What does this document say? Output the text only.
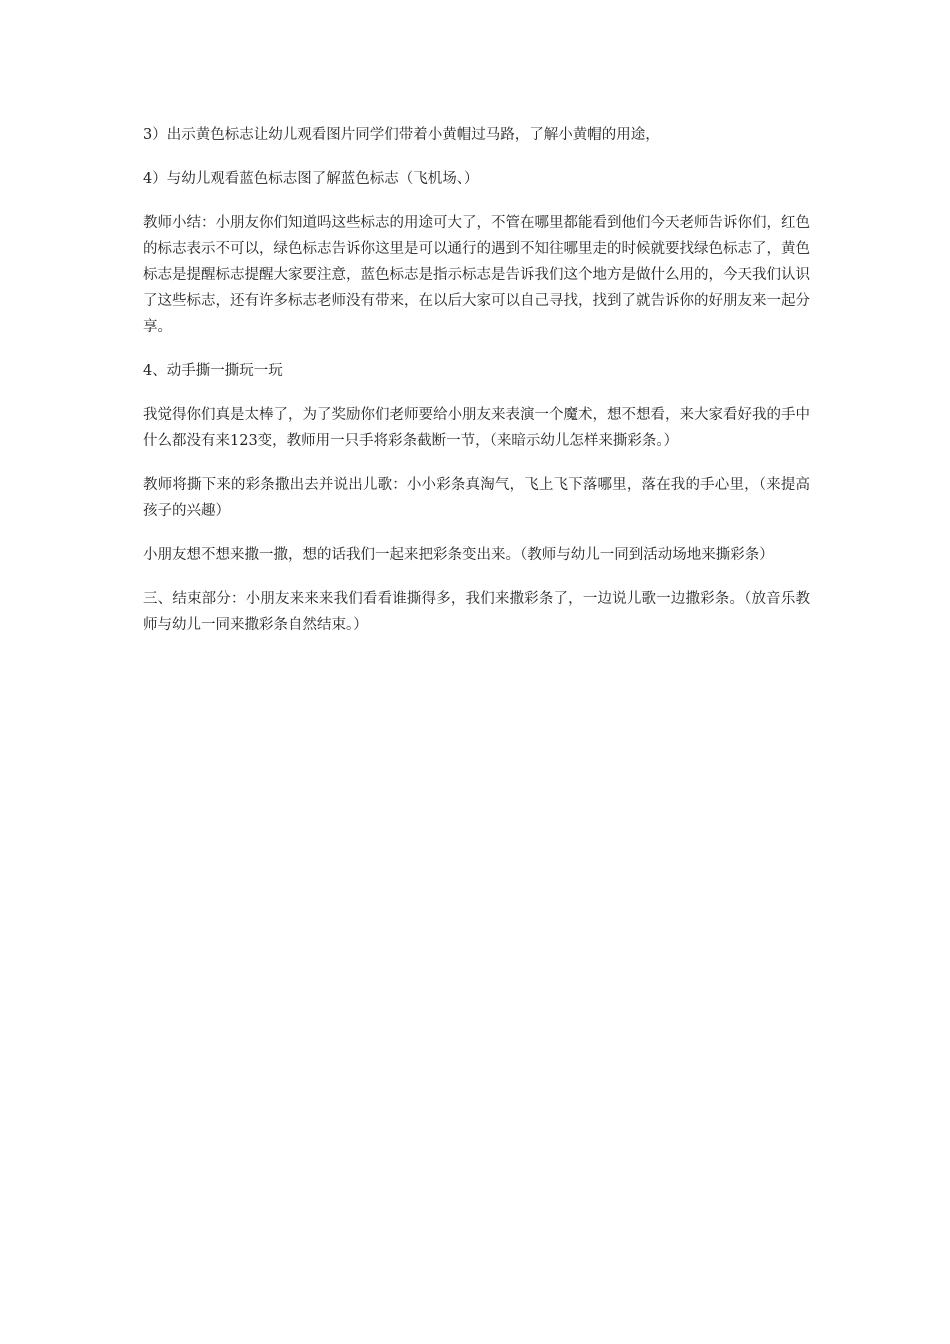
3）出示黄色标志让幼儿观看图片同学们带着小黄帽过马路，了解小黄帽的用途，

4）与幼儿观看蓝色标志图了解蓝色标志（飞机场、）

教师小结：小朋友你们知道吗这些标志的用途可大了，不管在哪里都能看到他们今天老师告诉你们，红色的标志表示不可以，绿色标志告诉你这里是可以通行的遇到不知往哪里走的时候就要找绿色标志了，黄色标志是提醒标志提醒大家要注意，蓝色标志是指示标志是告诉我们这个地方是做什么用的，今天我们认识了这些标志，还有许多标志老师没有带来，在以后大家可以自己寻找，找到了就告诉你的好朋友来一起分享。

4、动手撕一撕玩一玩

我觉得你们真是太棒了，为了奖励你们老师要给小朋友来表演一个魔术，想不想看，来大家看好我的手中什么都没有来123变，教师用一只手将彩条截断一节，（来暗示幼儿怎样来撕彩条。）

教师将撕下来的彩条撒出去并说出儿歌：小小彩条真淘气，飞上飞下落哪里，落在我的手心里，（来提高孩子的兴趣）

小朋友想不想来撒一撒，想的话我们一起来把彩条变出来。（教师与幼儿一同到活动场地来撕彩条）

三、结束部分：小朋友来来来我们看看谁撕得多，我们来撒彩条了，一边说儿歌一边撒彩条。（放音乐教师与幼儿一同来撒彩条自然结束。）
